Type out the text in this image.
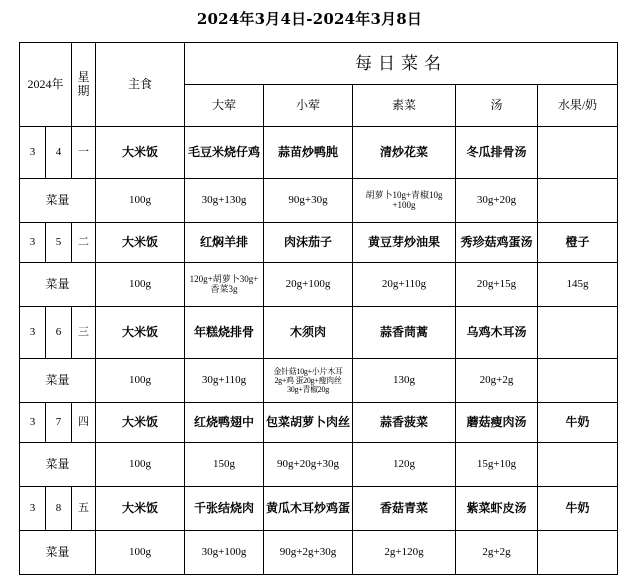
2024年3月4日-2024年3月8日
2024年		星期	主食	每日菜名				
				大荤	小荤	素菜	汤	水果/奶
3	4	一	大米饭	毛豆米烧仔鸡	蒜苗炒鸭肫	清炒花菜	冬瓜排骨汤	
菜量			100g	30g+130g	90g+30g	胡萝卜10g+青椒10g +100g	30g+20g	
3	5	二	大米饭	红焖羊排	肉沫茄子	黄豆芽炒油果	秀珍菇鸡蛋汤	橙子
菜量			100g	120g+胡萝卜30g+ 香菜3g	20g+100g	20g+110g	20g+15g	145g
3	6	三	大米饭	年糕烧排骨	木须肉	蒜香茼蒿	乌鸡木耳汤	
菜量			100g	30g+110g	金针菇10g+小片木耳2g+鸡 蛋20g+瘦肉丝30g+青椒20g	130g	20g+2g	
3	7	四	大米饭	红烧鸭翅中	包菜胡萝卜肉丝	蒜香菠菜	蘑菇瘦肉汤	牛奶
菜量			100g	150g	90g+20g+30g	120g	15g+10g	
3	8	五	大米饭	千张结烧肉	黄瓜木耳炒鸡蛋	香菇青菜	紫菜虾皮汤	牛奶
菜量			100g	30g+100g	90g+2g+30g	2g+120g	2g+2g	
